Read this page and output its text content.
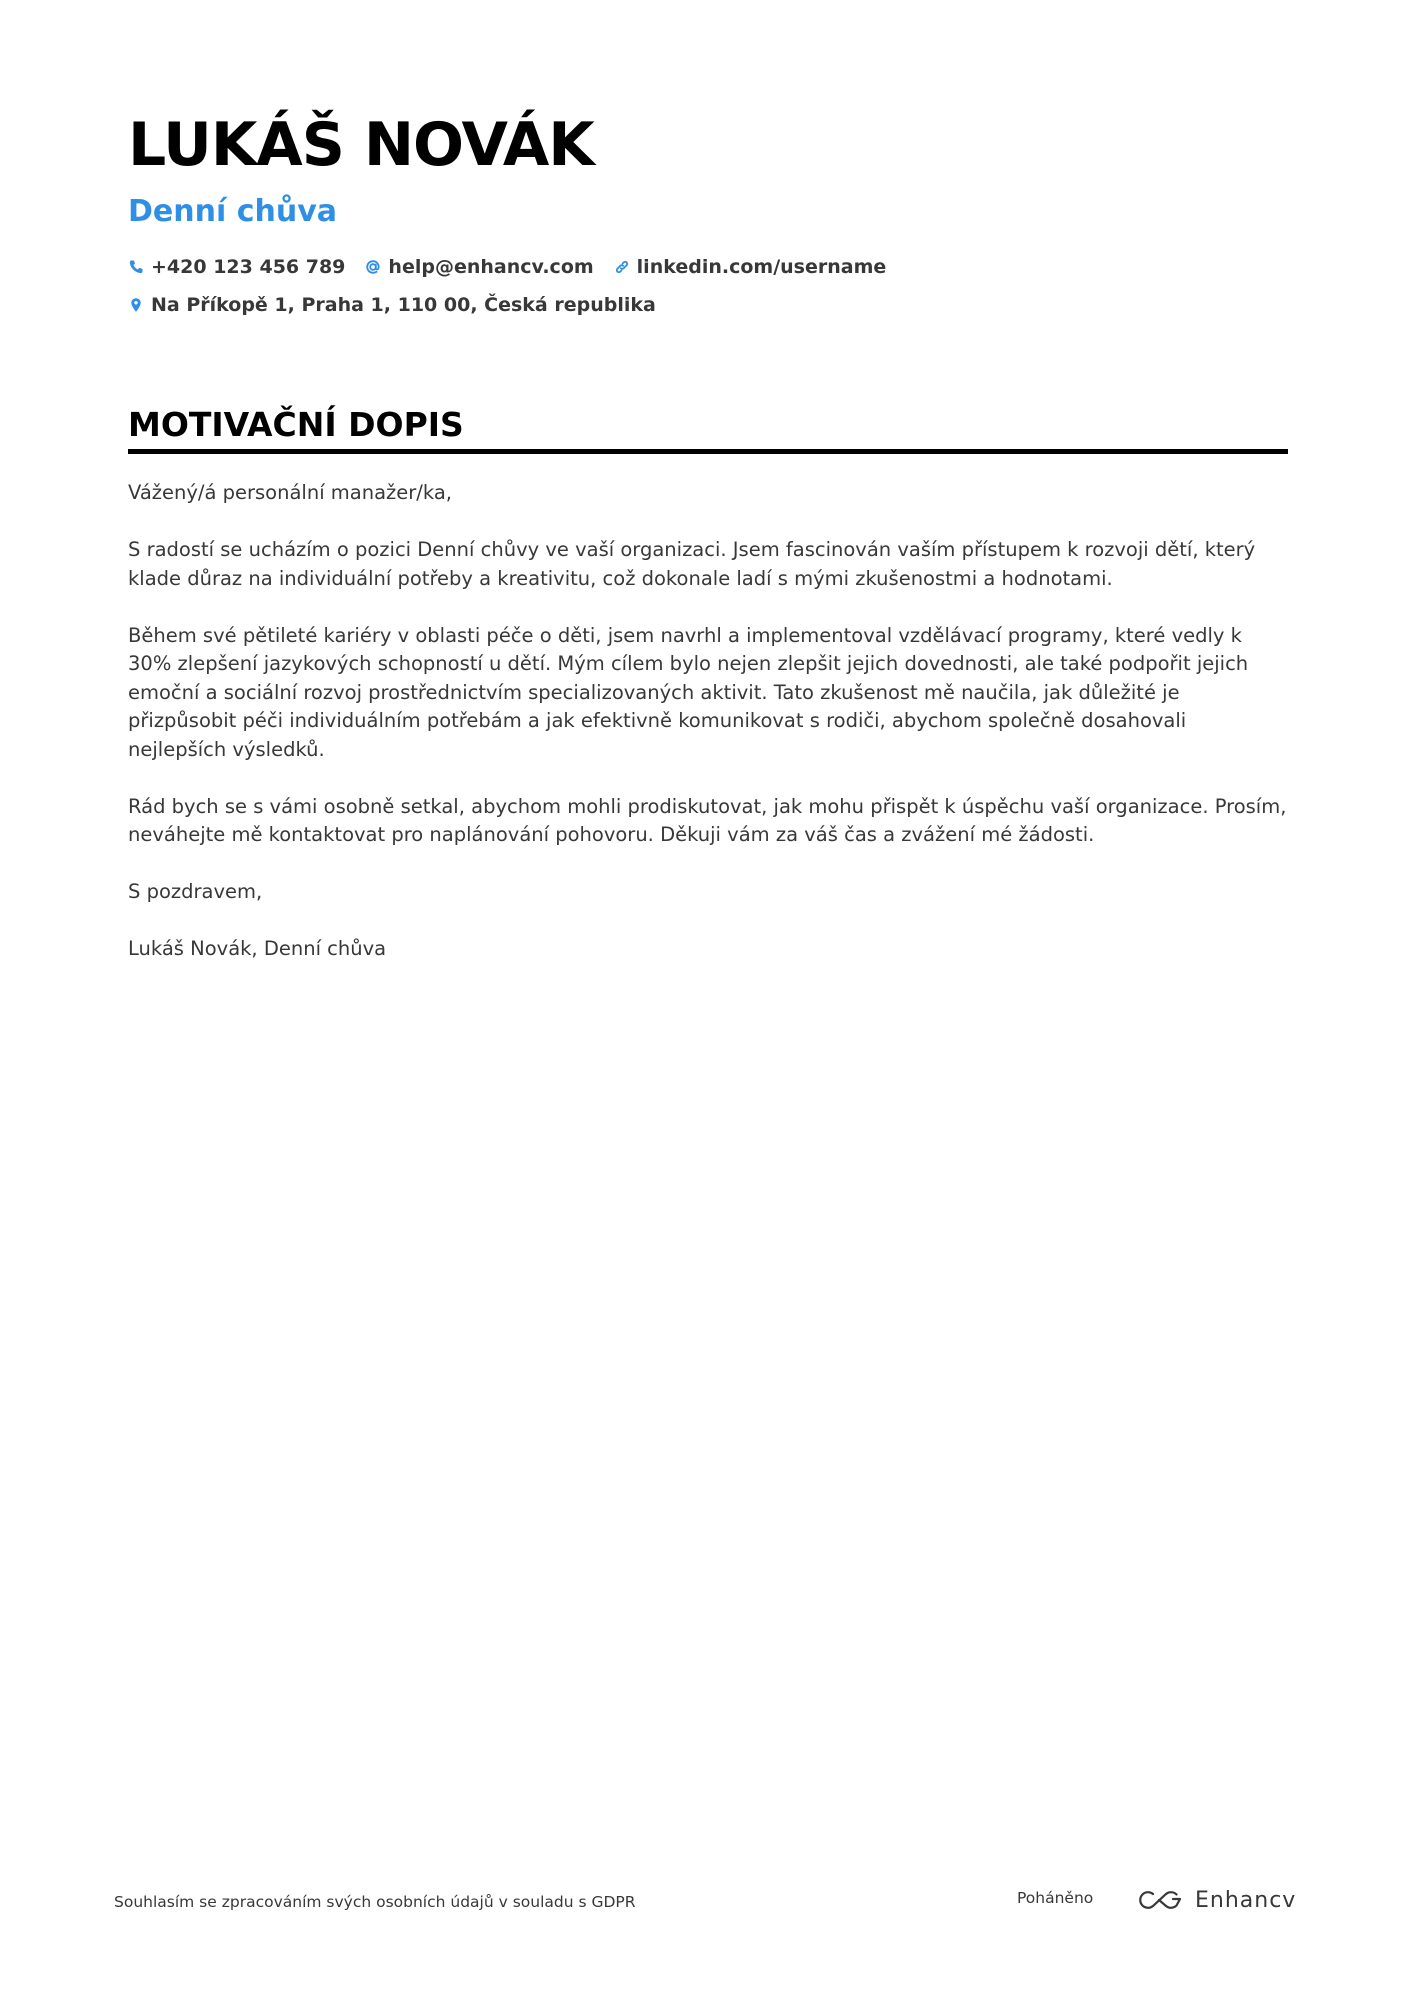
LUKÁŠ NOVÁK
Denní chůva
+420 123 456 789 help@enhancv.com linkedin.com/username
Na Příkopě 1, Praha 1, 110 00, Česká republika
MOTIVAČNÍ DOPIS

Vážený/á personální manažer/ka,

S radostí se ucházím o pozici Denní chůvy ve vaší organizaci. Jsem fascinován vaším přístupem k rozvoji dětí, který klade důraz na individuální potřeby a kreativitu, což dokonale ladí s mými zkušenostmi a hodnotami.

Během své pětileté kariéry v oblasti péče o děti, jsem navrhl a implementoval vzdělávací programy, které vedly k 30% zlepšení jazykových schopností u dětí. Mým cílem bylo nejen zlepšit jejich dovednosti, ale také podpořit jejich emoční a sociální rozvoj prostřednictvím specializovaných aktivit. Tato zkušenost mě naučila, jak důležité je přizpůsobit péči individuálním potřebám a jak efektivně komunikovat s rodiči, abychom společně dosahovali nejlepších výsledků.

Rád bych se s vámi osobně setkal, abychom mohli prodiskutovat, jak mohu přispět k úspěchu vaší organizace. Prosím, neváhejte mě kontaktovat pro naplánování pohovoru. Děkuji vám za váš čas a zvážení mé žádosti.

S pozdravem,

Lukáš Novák, Denní chůva

Souhlasím se zpracováním svých osobních údajů v souladu s GDPR	Poháněno	Enhancv
